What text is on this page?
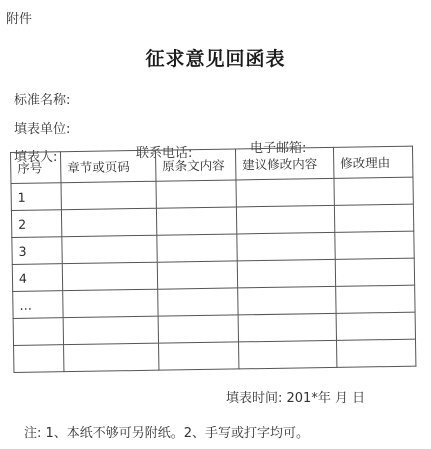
附件
征求意见回函表
标准名称:
填表单位:
填表人:	联系电话:	电子邮箱:
序号	章节或页码	原条文内容	建议修改内容	修改理由
1				
2				
3				
4				
…				

填表时间: 201*年 月 日
注: 1、本纸不够可另附纸。2、手写或打字均可。
